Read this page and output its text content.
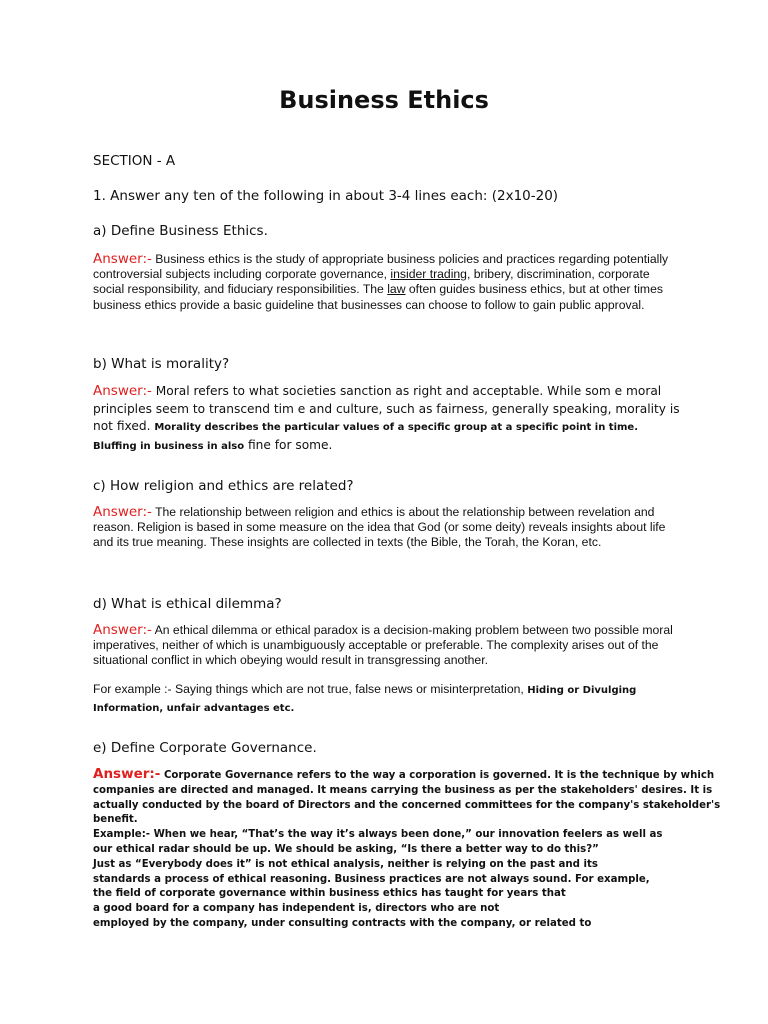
Business Ethics
SECTION - A
1. Answer any ten of the following in about 3-4 lines each: (2x10-20)
a) Define Business Ethics.

Answer:- Business ethics is the study of appropriate business policies and practices regarding potentially controversial subjects including corporate governance, insider trading, bribery, discrimination, corporate social responsibility, and fiduciary responsibilities. The law often guides business ethics, but at other times business ethics provide a basic guideline that businesses can choose to follow to gain public approval.

b) What is morality?

Answer:- Moral refers to what societies sanction as right and acceptable. While som e moral principles seem to transcend tim e and culture, such as fairness, generally speaking, morality is not fixed. Morality describes the particular values of a specific group at a specific point in time. Bluffing in business in also fine for some.

c) How religion and ethics are related?

Answer:- The relationship between religion and ethics is about the relationship between revelation and reason. Religion is based in some measure on the idea that God (or some deity) reveals insights about life and its true meaning. These insights are collected in texts (the Bible, the Torah, the Koran, etc.

d) What is ethical dilemma?

Answer:- An ethical dilemma or ethical paradox is a decision-making problem between two possible moral imperatives, neither of which is unambiguously acceptable or preferable. The complexity arises out of the situational conflict in which obeying would result in transgressing another.

For example :- Saying things which are not true, false news or misinterpretation, Hiding or Divulging Information, unfair advantages etc.

e) Define Corporate Governance.
Answer:- Corporate Governance refers to the way a corporation is governed. It is the technique by which
companies are directed and managed. It means carrying the business as per the stakeholders' desires. It is
actually conducted by the board of Directors and the concerned committees for the company's stakeholder's
benefit.
Example:- When we hear, “That’s the way it’s always been done,” our innovation feelers as well as
our ethical radar should be up. We should be asking, “Is there a better way to do this?”
Just as “Everybody does it” is not ethical analysis, neither is relying on the past and its
standards a process of ethical reasoning. Business practices are not always sound. For example,
the field of corporate governance within business ethics has taught for years that
a good board for a company has independent is, directors who are not
employed by the company, under consulting contracts with the company, or related to
